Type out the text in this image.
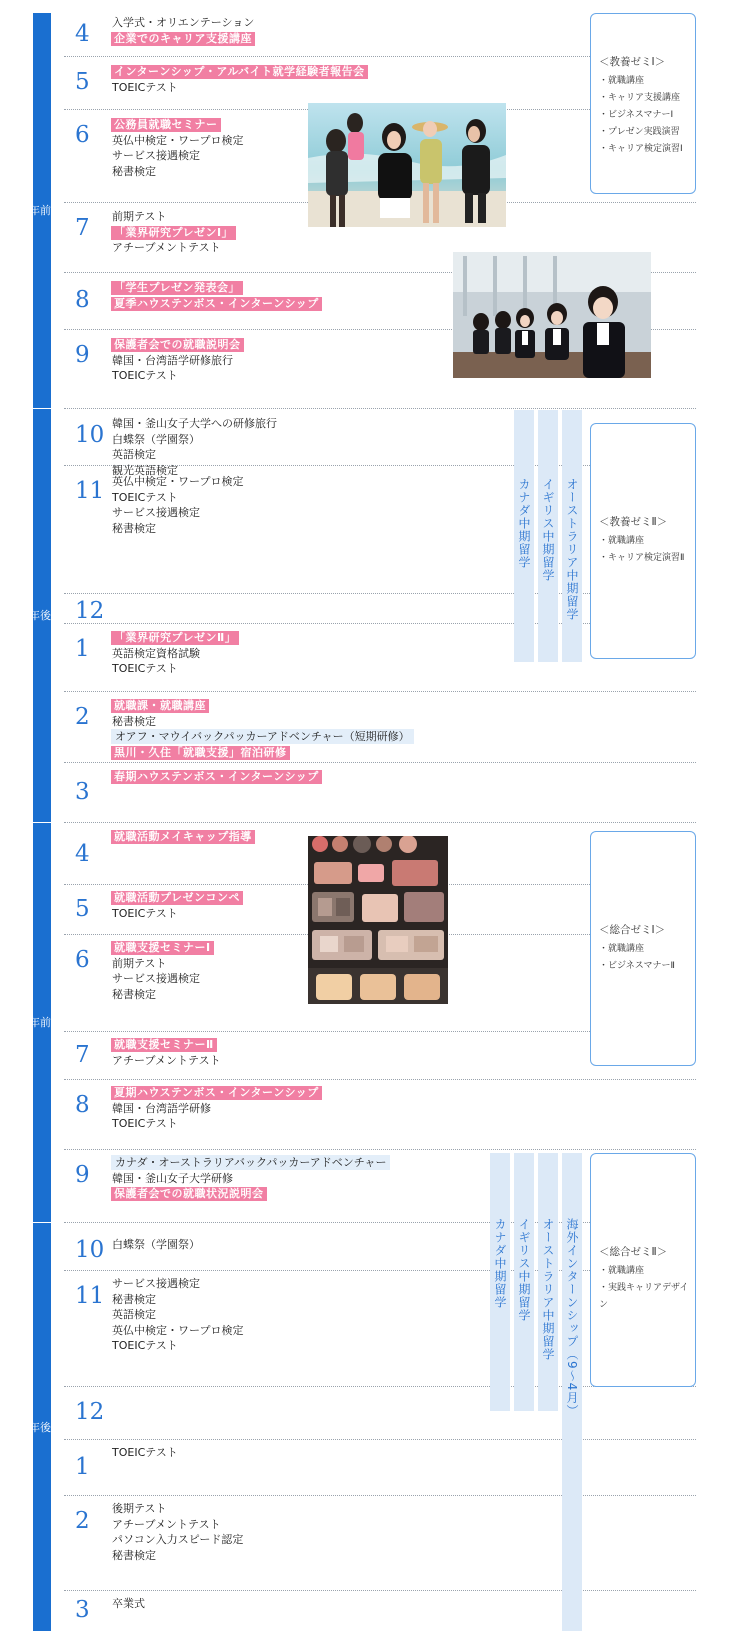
1 年 前 期
1 年 後 期
2 年 前 期
2 年 後 期
カナダ中期留学 イギリス中期留学 オーストラリア中期留学
カナダ中期留学 イギリス中期留学 オーストラリア中期留学 海外インターンシップ（9～4月）
＜教養ゼミⅠ＞
・就職講座
・キャリア支援講座
・ビジネスマナーⅠ
・プレゼン実践演習
・キャリア検定演習Ⅰ
＜教養ゼミⅡ＞
・就職講座
・キャリア検定演習Ⅱ
＜総合ゼミⅠ＞
・就職講座
・ビジネスマナーⅡ
＜総合ゼミⅡ＞
・就職講座
・実践キャリアデザイン
4 入学式・オリエンテーション
企業でのキャリア支援講座
5 インターンシップ・アルバイト就学経験者報告会
TOEICテスト
6 公務員就職セミナー
英仏中検定・ワープロ検定
サービス接遇検定
秘書検定
7 前期テスト
「業界研究プレゼンⅠ」
アチーブメントテスト
8 「学生プレゼン発表会」
夏季ハウステンボス・インターンシップ
9 保護者会での就職説明会
韓国・台湾語学研修旅行
TOEICテスト
10 韓国・釜山女子大学への研修旅行
白蝶祭（学園祭）
英語検定
観光英語検定
11 英仏中検定・ワープロ検定
TOEICテスト
サービス接遇検定
秘書検定
12
1 「業界研究プレゼンⅡ」
英語検定資格試験
TOEICテスト
2 就職課・就職講座
秘書検定
オアフ・マウイバックパッカーアドベンチャー（短期研修）
黒川・久住「就職支援」宿泊研修
3
春期ハウステンボス・インターンシップ
4
就職活動メイキャップ指導
5 就職活動プレゼンコンペ
TOEICテスト
6 就職支援セミナーⅠ
前期テスト
サービス接遇検定
秘書検定
7 就職支援セミナーⅡ
アチーブメントテスト
8 夏期ハウステンボス・インターンシップ
韓国・台湾語学研修
TOEICテスト
9 カナダ・オーストラリアバックパッカーアドベンチャー
韓国・釜山女子大学研修
保護者会での就職状況説明会
10 白蝶祭（学園祭）
11 サービス接遇検定
秘書検定
英語検定
英仏中検定・ワープロ検定
TOEICテスト
12
1
TOEICテスト
2 後期テスト
アチーブメントテスト
パソコン入力スピード認定
秘書検定
3 卒業式
